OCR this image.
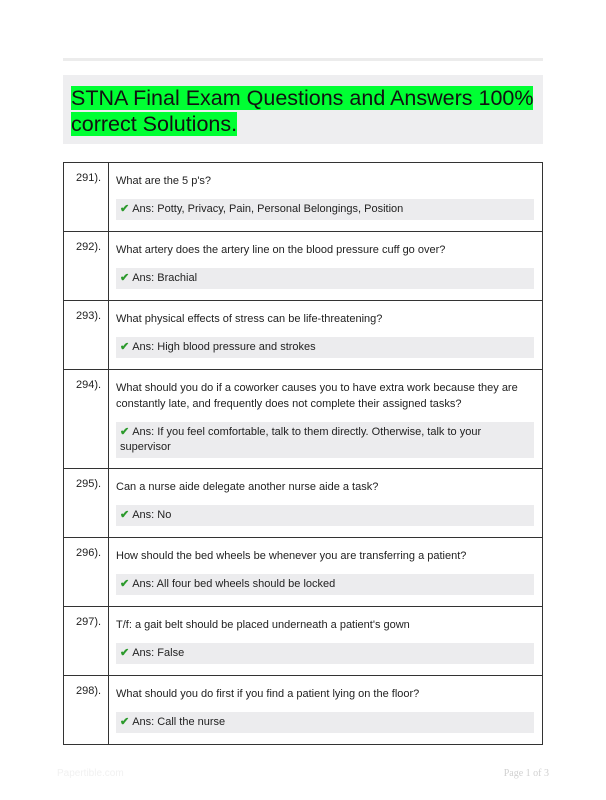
STNA Final Exam Questions and Answers 100%
correct Solutions.
291).	What are the 5 p's?
✔ Ans: Potty, Privacy, Pain, Personal Belongings, Position

292).	What artery does the artery line on the blood pressure cuff go over?
✔ Ans: Brachial

293).	What physical effects of stress can be life-threatening?
✔ Ans: High blood pressure and strokes

294).	What should you do if a coworker causes you to have extra work because they are constantly late, and frequently does not complete their assigned tasks?
✔ Ans: If you feel comfortable, talk to them directly. Otherwise, talk to your supervisor

295).	Can a nurse aide delegate another nurse aide a task?
✔ Ans: No

296).	How should the bed wheels be whenever you are transferring a patient?
✔ Ans: All four bed wheels should be locked

297).	T/f: a gait belt should be placed underneath a patient's gown
✔ Ans: False

298).	What should you do first if you find a patient lying on the floor?
✔ Ans: Call the nurse
Papertible.com	Page 1 of 3
